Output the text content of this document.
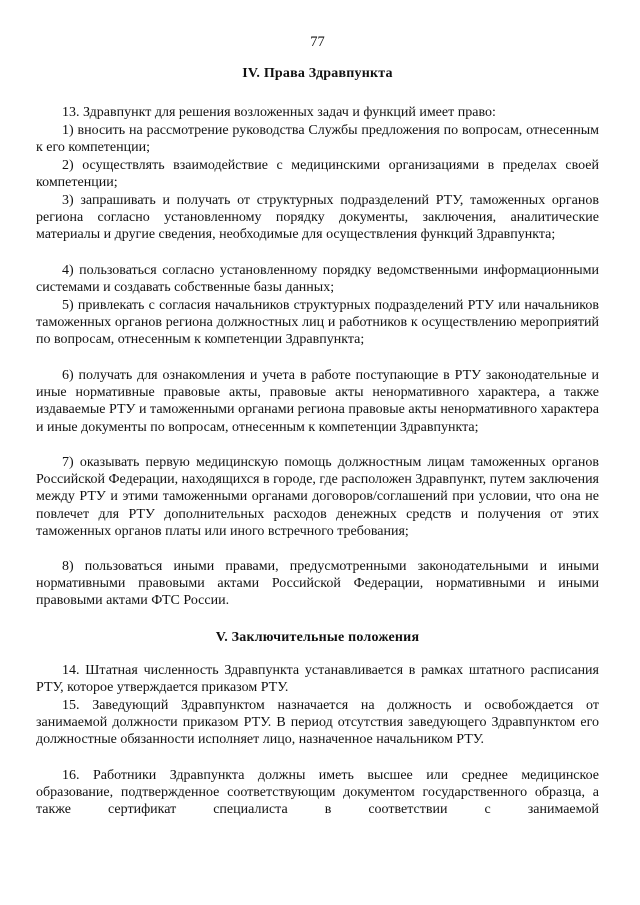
77
IV. Права Здравпункта

13. Здравпункт для решения возложенных задач и функций имеет право:

1) вносить на рассмотрение руководства Службы предложения по вопросам, отнесенным к его компетенции;

2) осуществлять взаимодействие с медицинскими организациями в пределах своей компетенции;

3) запрашивать и получать от структурных подразделений РТУ, таможенных органов региона согласно установленному порядку документы, заключения, аналитические материалы и другие сведения, необходимые для осуществления функций Здравпункта;

4) пользоваться согласно установленному порядку ведомственными информационными системами и создавать собственные базы данных;

5) привлекать с согласия начальников структурных подразделений РТУ или начальников таможенных органов региона должностных лиц и работников к осуществлению мероприятий по вопросам, отнесенным к компетенции Здравпункта;

6) получать для ознакомления и учета в работе поступающие в РТУ законодательные и иные нормативные правовые акты, правовые акты ненормативного характера, а также издаваемые РТУ и таможенными органами региона правовые акты ненормативного характера и иные документы по вопросам, отнесенным к компетенции Здравпункта;

7) оказывать первую медицинскую помощь должностным лицам таможенных органов Российской Федерации, находящихся в городе, где расположен Здравпункт, путем заключения между РТУ и этими таможенными органами договоров/соглашений при условии, что она не повлечет для РТУ дополнительных расходов денежных средств и получения от этих таможенных органов платы или иного встречного требования;

8) пользоваться иными правами, предусмотренными законодательными и иными нормативными правовыми актами Российской Федерации, нормативными и иными правовыми актами ФТС России.

V. Заключительные положения

14. Штатная численность Здравпункта устанавливается в рамках штатного расписания РТУ, которое утверждается приказом РТУ.

15. Заведующий Здравпунктом назначается на должность и освобождается от занимаемой должности приказом РТУ. В период отсутствия заведующего Здравпунктом его должностные обязанности исполняет лицо, назначенное начальником РТУ.

16. Работники Здравпункта должны иметь высшее или среднее медицинское образование, подтвержденное соответствующим документом государственного образца, а также сертификат специалиста в соответствии с занимаемой
